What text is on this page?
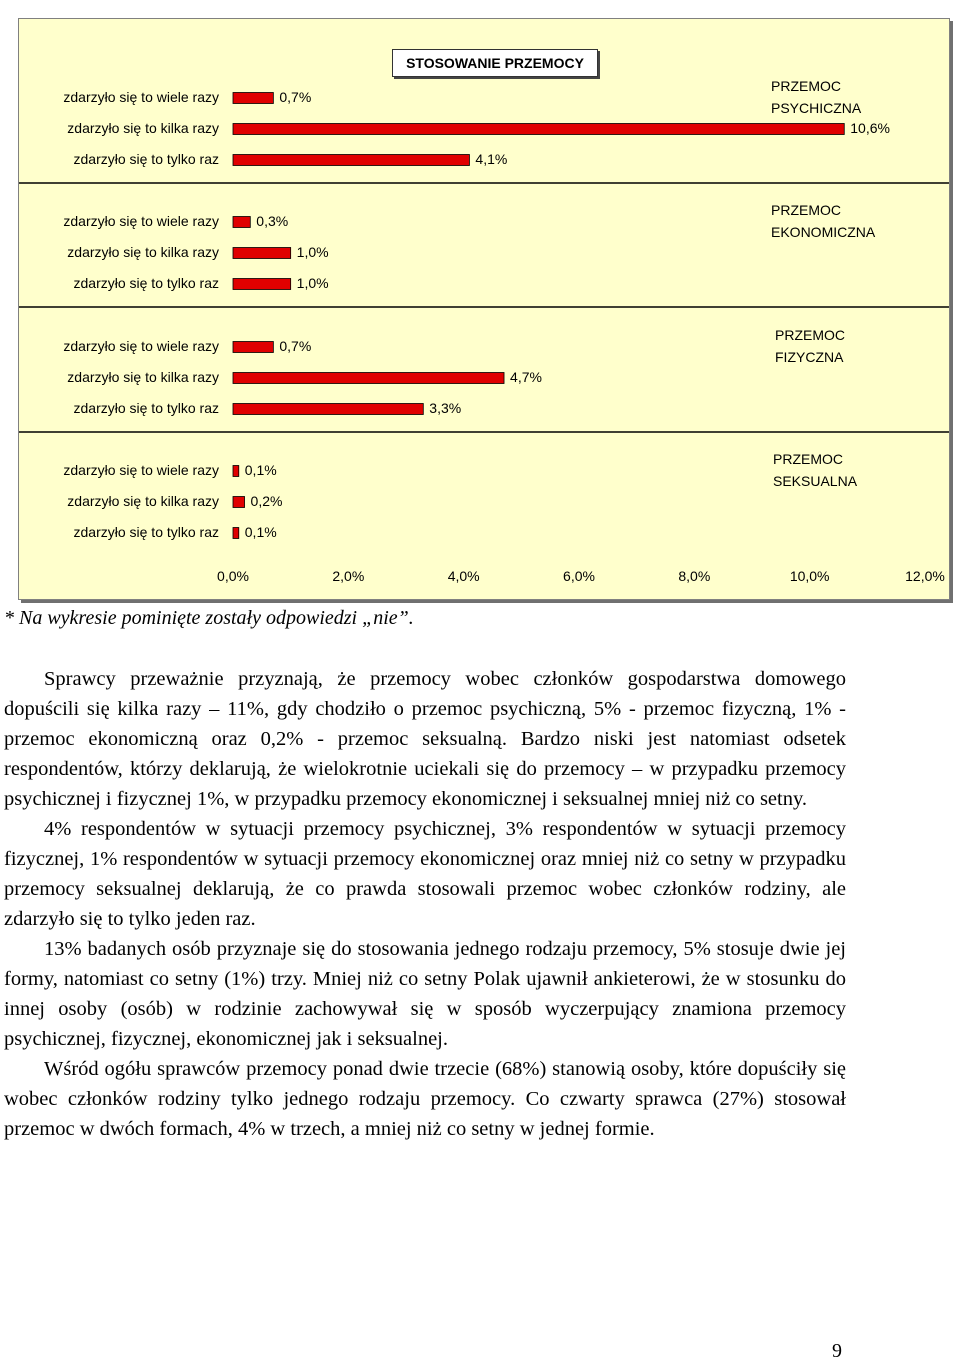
0,0%	2,0%	4,0%	6,0%	8,0%	10,0%	12,0%
PRZEMOC
PSYCHICZNA
zdarzyło się to wiele razy	0,7%
zdarzyło się to kilka razy	10,6%
zdarzyło się to tylko raz	4,1%
PRZEMOC
EKONOMICZNA
zdarzyło się to wiele razy	0,3%
zdarzyło się to kilka razy	1,0%
zdarzyło się to tylko raz	1,0%
PRZEMOC
FIZYCZNA
zdarzyło się to wiele razy	0,7%
zdarzyło się to kilka razy	4,7%
zdarzyło się to tylko raz	3,3%
PRZEMOC
SEKSUALNA
zdarzyło się to wiele razy 0,1%
zdarzyło się to kilka razy 0,2%
zdarzyło się to tylko raz 0,1%
STOSOWANIE PRZEMOCY
* Na wykresie pominięte zostały odpowiedzi „nie”.

Sprawcy przeważnie przyznają, że przemocy wobec członków gospodarstwa domowego dopuścili się kilka razy – 11%, gdy chodziło o przemoc psychiczną, 5% - przemoc fizyczną, 1% - przemoc ekonomiczną oraz 0,2% - przemoc seksualną. Bardzo niski jest natomiast odsetek respondentów, którzy deklarują, że wielokrotnie uciekali się do przemocy – w przypadku przemocy psychicznej i fizycznej 1%, w przypadku przemocy ekonomicznej i seksualnej mniej niż co setny.

4% respondentów w sytuacji przemocy psychicznej, 3% respondentów w sytuacji przemocy fizycznej, 1% respondentów w sytuacji przemocy ekonomicznej oraz mniej niż co setny w przypadku przemocy seksualnej deklarują, że co prawda stosowali przemoc wobec członków rodziny, ale zdarzyło się to tylko jeden raz.

13% badanych osób przyznaje się do stosowania jednego rodzaju przemocy, 5% stosuje dwie jej formy, natomiast co setny (1%) trzy. Mniej niż co setny Polak ujawnił ankieterowi, że w stosunku do innej osoby (osób) w rodzinie zachowywał się w sposób wyczerpujący znamiona przemocy psychicznej, fizycznej, ekonomicznej jak i seksualnej.

Wśród ogółu sprawców przemocy ponad dwie trzecie (68%) stanowią osoby, które dopuściły się wobec członków rodziny tylko jednego rodzaju przemocy. Co czwarty sprawca (27%) stosował przemoc w dwóch formach, 4% w trzech, a mniej niż co setny w jednej formie.

9
